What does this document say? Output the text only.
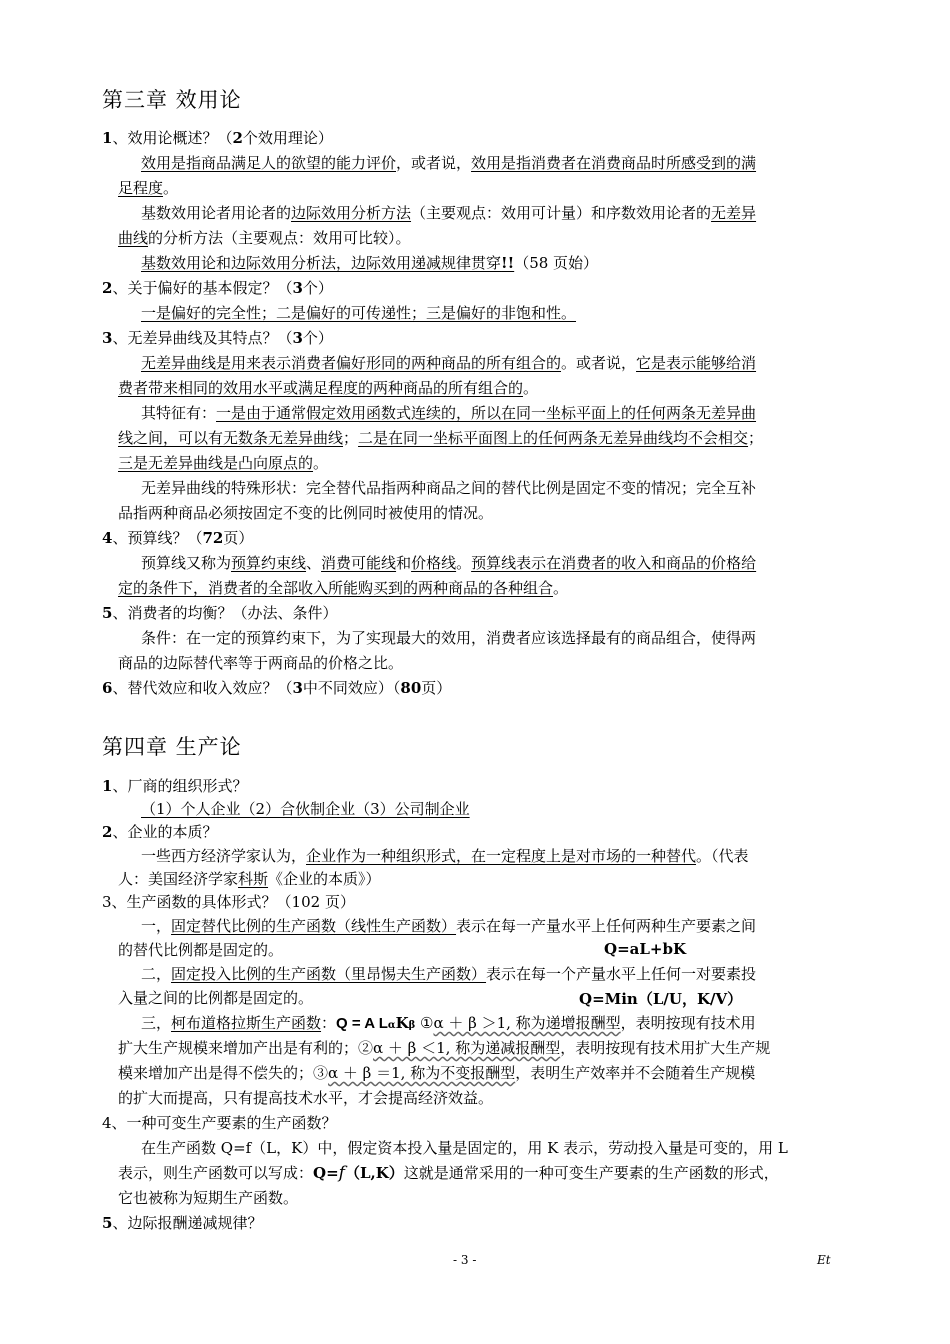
第三章 效用论
1、效用论概述？（2个效用理论）
效用是指商品满足人的欲望的能力评价，或者说，效用是指消费者在消费商品时所感受到的满
足程度。
基数效用论者用论者的边际效用分析方法（主要观点：效用可计量）和序数效用论者的无差异
曲线的分析方法（主要观点：效用可比较）。
基数效用论和边际效用分析法，边际效用递减规律贯穿!!（58 页始）
2、关于偏好的基本假定？（3个）
一是偏好的完全性；二是偏好的可传递性；三是偏好的非饱和性。
3、无差异曲线及其特点？（3个）
无差异曲线是用来表示消费者偏好形同的两种商品的所有组合的。或者说，它是表示能够给消
费者带来相同的效用水平或满足程度的两种商品的所有组合的。
其特征有：一是由于通常假定效用函数式连续的，所以在同一坐标平面上的任何两条无差异曲
线之间，可以有无数条无差异曲线；二是在同一坐标平面图上的任何两条无差异曲线均不会相交；
三是无差异曲线是凸向原点的。
无差异曲线的特殊形状：完全替代品指两种商品之间的替代比例是固定不变的情况；完全互补
品指两种商品必须按固定不变的比例同时被使用的情况。
4、预算线？（72页）
预算线又称为预算约束线、消费可能线和价格线。预算线表示在消费者的收入和商品的价格给
定的条件下，消费者的全部收入所能购买到的两种商品的各种组合。
5、消费者的均衡？（办法、条件）
条件：在一定的预算约束下，为了实现最大的效用，消费者应该选择最有的商品组合，使得两
商品的边际替代率等于两商品的价格之比。
6、替代效应和收入效应？（3中不同效应）（80页）
第四章 生产论
1、厂商的组织形式？
（1）个人企业（2）合伙制企业（3）公司制企业
2、企业的本质？
一些西方经济学家认为，企业作为一种组织形式，在一定程度上是对市场的一种替代。（代表
人：美国经济学家科斯《企业的本质》）
3、生产函数的具体形式？（102 页）
一，固定替代比例的生产函数（线性生产函数）表示在每一产量水平上任何两种生产要素之间
的替代比例都是固定的。	Q=aL+bK
二，固定投入比例的生产函数（里昂惕夫生产函数）表示在每一个产量水平上任何一对要素投
入量之间的比例都是固定的。	Q=Min（L/U，K/V）
三，柯布道格拉斯生产函数：Q = A LαKβ ①α ＋ β ＞1, 称为递增报酬型，表明按现有技术用
扩大生产规模来增加产出是有利的；②α ＋ β ＜1, 称为递减报酬型，表明按现有技术用扩大生产规
模来增加产出是得不偿失的；③α ＋ β ＝1, 称为不变报酬型，表明生产效率并不会随着生产规模
的扩大而提高，只有提高技术水平，才会提高经济效益。
4、一种可变生产要素的生产函数？
在生产函数 Q=f（L，K）中，假定资本投入量是固定的，用 K 表示，劳动投入量是可变的，用 L
表示，则生产函数可以写成：Q=f（L,K）这就是通常采用的一种可变生产要素的生产函数的形式，
它也被称为短期生产函数。
5、边际报酬递减规律？
- 3 -	Et
